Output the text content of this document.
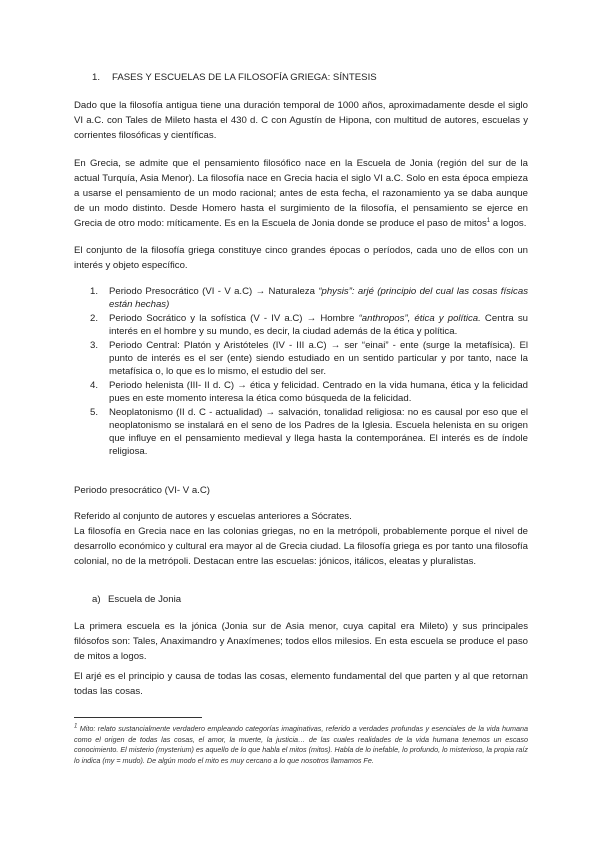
1. FASES Y ESCUELAS DE LA FILOSOFÍA GRIEGA: SÍNTESIS

Dado que la filosofía antigua tiene una duración temporal de 1000 años, aproximadamente desde el siglo VI a.C. con Tales de Mileto hasta el 430 d. C con Agustín de Hipona, con multitud de autores, escuelas y corrientes filosóficas y científicas.

En Grecia, se admite que el pensamiento filosófico nace en la Escuela de Jonia (región del sur de la actual Turquía, Asia Menor). La filosofía nace en Grecia hacia el siglo VI a.C. Solo en esta época empieza a usarse el pensamiento de un modo racional; antes de esta fecha, el razonamiento ya se daba aunque de un modo distinto. Desde Homero hasta el surgimiento de la filosofía, el pensamiento se ejerce en Grecia de otro modo: míticamente. Es en la Escuela de Jonia donde se produce el paso de mitos$^1$ a logos.

El conjunto de la filosofía griega constituye cinco grandes épocas o períodos, cada uno de ellos con un interés y objeto específico.

1. Periodo Presocrático (VI - V a.C) → Naturaleza “physis”: arjé (principio del cual las cosas físicas están hechas)
2. Periodo Socrático y la sofística (V - IV a.C) → Hombre “anthropos”, ética y política. Centra su interés en el hombre y su mundo, es decir, la ciudad además de la ética y política.
3. Periodo Central: Platón y Aristóteles (IV - III a.C) → ser “einai” - ente (surge la metafísica). El punto de interés es el ser (ente) siendo estudiado en un sentido particular y por tanto, nace la metafísica o, lo que es lo mismo, el estudio del ser.
4. Periodo helenista (III- II d. C) → ética y felicidad. Centrado en la vida humana, ética y la felicidad pues en este momento interesa la ética como búsqueda de la felicidad.
5. Neoplatonismo (II d. C - actualidad) → salvación, tonalidad religiosa: no es causal por eso que el neoplatonismo se instalará en el seno de los Padres de la Iglesia. Escuela helenista en su origen que influye en el pensamiento medieval y llega hasta la contemporánea. El interés es de índole religiosa.

Periodo presocrático (VI- V a.C)

Referido al conjunto de autores y escuelas anteriores a Sócrates.
La filosofía en Grecia nace en las colonias griegas, no en la metrópoli, probablemente porque el nivel de desarrollo económico y cultural era mayor al de Grecia ciudad. La filosofía griega es por tanto una filosofía colonial, no de la metrópoli. Destacan entre las escuelas: jónicos, itálicos, eleatas y pluralistas.

a) Escuela de Jonia

La primera escuela es la jónica (Jonia sur de Asia menor, cuya capital era Mileto) y sus principales filósofos son: Tales, Anaximandro y Anaxímenes; todos ellos milesios. En esta escuela se produce el paso de mitos a logos.

El arjé es el principio y causa de todas las cosas, elemento fundamental del que parten y al que retornan todas las cosas.

$^1$ Mito: relato sustancialmente verdadero empleando categorías imaginativas, referido a verdades profundas y esenciales de la vida humana como el origen de todas las cosas, el amor, la muerte, la justicia… de las cuales realidades de la vida humana tenemos un escaso conocimiento. El misterio (mysterium) es aquello de lo que habla el mitos (mitos). Habla de lo inefable, lo profundo, lo misterioso, la propia raíz lo indica (my = mudo). De algún modo el mito es muy cercano a lo que nosotros llamamos Fe.
